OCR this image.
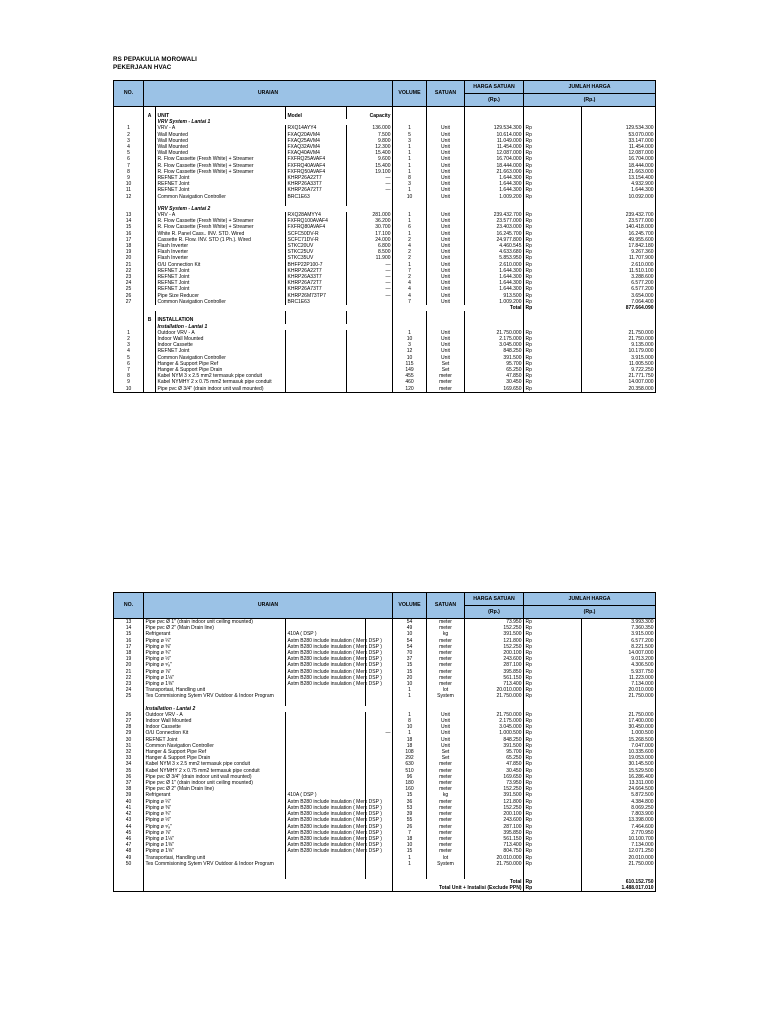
RS PEPAKULIA MOROWALI
PEKERJAAN HVAC
NO.	URAIAN				VOLUME	SATUAN	HARGA SATUAN	JUMLAH HARGA	
							(Rp.)	(Rp.)	

	A	UNIT	Model	Capacity					
		VRV System - Lantai 1							
1		VRV - A	RXQ14AYY4	136.000	1	Unit	129.534.300	Rp	129.534.300
2		Wall Mounted	FXAQ20AVM4	7.500	5	Unit	10.614.000	Rp	53.070.000
3		Wall Mounted	FXAQ25AVM4	9.800	3	Unit	11.049.000	Rp	33.147.000
4		Wall Mounted	FXAQ32AVM4	12.300	1	Unit	11.454.000	Rp	11.454.000
5		Wall Mounted	FXAQ40AVM4	15.400	1	Unit	12.087.000	Rp	12.087.000
6		R. Flow Cassette (Fresh White) + Streamer	FXFRQ25AVAF4	9.600	1	Unit	16.704.000	Rp	16.704.000
7		R. Flow Cassette (Fresh White) + Streamer	FXFRQ40AVAF4	15.400	1	Unit	18.444.000	Rp	18.444.000
8		R. Flow Cassette (Fresh White) + Streamer	FXFRQ50AVAF4	19.100	1	Unit	21.663.000	Rp	21.663.000
9		REFNET Joint	KHRP26A22T7	—	8	Unit	1.644.300	Rp	13.154.400
10		REFNET Joint	KHRP26A33T7	—	3	Unit	1.644.300	Rp	4.932.900
11		REFNET Joint	KHRP26A72T7	—	1	Unit	1.644.300	Rp	1.644.300
12		Common Navigation Controller	BRC1E63		10	Unit	1.009.200	Rp	10.092.000

		VRV System - Lantai 2							
13		VRV - A	RXQ28AMYY4	281.000	1	Unit	239.432.700	Rp	239.432.700
14		R. Flow Cassette (Fresh White) + Streamer	FXFRQ100AVAF4	36.200	1	Unit	23.577.000	Rp	23.577.000
15		R. Flow Cassette (Fresh White) + Streamer	FXFRQ80AVAF4	30.700	6	Unit	23.403.000	Rp	140.418.000
16		White R. Panel Cass.. INV. STD. Wired	SCFC50DV-R	17.100	1	Unit	16.245.700	Rp	16.245.700
17		Cassette R. Flow. INV. STD (1 Ph.). Wired	SCFC71DV-R	24.000	2	Unit	24.977.800	Rp	49.955.600
18		Flash Inverter	STKC20UV	6.800	4	Unit	4.460.545	Rp	17.842.180
19		Flash Inverter	STKC25UV	8.500	2	Unit	4.633.680	Rp	9.267.360
20		Flash Inverter	STKC35UV	11.900	2	Unit	5.853.950	Rp	11.707.900
21		O/U Connection Kit	BHFP22P100-7	—	1	Unit	2.610.000	Rp	2.610.000
22		REFNET Joint	KHRP26A22T7	—	7	Unit	1.644.300	Rp	11.510.100
23		REFNET Joint	KHRP26A33T7	—	2	Unit	1.644.300	Rp	3.288.600
24		REFNET Joint	KHRP26A72T7	—	4	Unit	1.644.300	Rp	6.577.200
25		REFNET Joint	KHRP26A73T7	—	4	Unit	1.644.300	Rp	6.577.200
26		Pipe Size Reducer	KHRP26M73TP7	—	4	Unit	913.500	Rp	3.654.000
27		Common Navigation Controller	BRC1E63		7	Unit	1.009.200	Rp	7.064.400
					Total			Rp	877.664.090

	B	INSTALLATION							
		Installation - Lantai 1							
1		Outdoor VRV - A			1	Unit	21.750.000	Rp	21.750.000
2		Indoor Wall Mounted			10	Unit	2.175.000	Rp	21.750.000
3		Indoor Cassette			3	Unit	3.045.000	Rp	9.135.000
4		REFNET Joint			12	Unit	848.250	Rp	10.179.000
5		Common Navigation Controller			10	Unit	391.500	Rp	3.915.000
6		Hanger & Support Pipe Ref			115	Set	95.700	Rp	11.005.500
7		Hanger & Support Pipe Drain			149	Set	65.250	Rp	9.722.250
8		Kabel NYM 3 x 2.5 mm2 termasuk pipe conduit			455	meter	47.850	Rp	21.771.750
9		Kabel NYMHY 2 x 0.75 mm2 termasuk pipe conduit			460	meter	30.450	Rp	14.007.000
10		Pipe pvc Ø 3/4" (drain indoor unit wall mounted)			120	meter	169.650	Rp	20.358.000
NO.	URAIAN			VOLUME	SATUAN	HARGA SATUAN	JUMLAH HARGA	
						(Rp.)	(Rp.)	
13		Pipe pvc Ø 1" (drain indoor unit ceiling mounted)			54	meter	73.950	Rp	3.993.300
14		Pipe pvc Ø 2" (Main Drain line)			49	meter	152.250	Rp	7.360.350
15		Refrigerant	410A ( DSP )		10	kg	391.500	Rp	3.915.000
16		Piping ø ¼"	Astm B280 include insulation ( Merk DSP )		54	meter	121.800	Rp	6.577.200
17		Piping ø ⅜"	Astm B280 include insulation ( Merk DSP )		54	meter	152.250	Rp	8.221.500
18		Piping ø ¾"	Astm B280 include insulation ( Merk DSP )		70	meter	200.100	Rp	14.007.000
19		Piping ø ½"	Astm B280 include insulation ( Merk DSP )		37	meter	243.600	Rp	9.013.200
20		Piping ø ⁵⁄₈"	Astm B280 include insulation ( Merk DSP )		15	meter	287.100	Rp	4.306.500
21		Piping ø ⅞"	Astm B280 include insulation ( Merk DSP )		15	meter	395.850	Rp	5.937.750
22		Piping ø 1⅛"	Astm B280 include insulation ( Merk DSP )		20	meter	561.150	Rp	11.223.000
23		Piping ø 1⅜"	Astm B280 include insulation ( Merk DSP )		10	meter	713.400	Rp	7.134.000
24		Transportasi, Handling unit			1	lot	20.010.000	Rp	20.010.000
25		Tes Commisioning Sytem VRV Outdoor & Indoor Program			1	System	21.750.000	Rp	21.750.000

		Installation - Lantai 2							
26		Outdoor VRV - A			1	Unit	21.750.000	Rp	21.750.000
27		Indoor Wall Mounted			8	Unit	2.175.000	Rp	17.400.000
28		Indoor Cassette			10	Unit	3.045.000	Rp	30.450.000
29		O/U Connection Kit		—	1	Unit	1.000.500	Rp	1.000.500
30		REFNET Joint			18	Unit	848.250	Rp	15.268.500
31		Common Navigation Controller			18	Unit	391.500	Rp	7.047.000
32		Hanger & Support Pipe Ref			108	Set	95.700	Rp	10.335.600
33		Hanger & Support Pipe Drain			292	Set	65.250	Rp	19.053.000
34		Kabel NYM 3 x 2.5 mm2 termasuk pipe conduit			630	meter	47.850	Rp	30.145.500
35		Kabel NYMHY 2 x 0.75 mm2 termasuk pipe conduit			510	meter	30.450	Rp	15.529.500
36		Pipe pvc Ø 3/4" (drain indoor unit wall mounted)			96	meter	169.650	Rp	16.286.400
37		Pipe pvc Ø 1" (drain indoor unit ceiling mounted)			180	meter	73.950	Rp	13.311.000
38		Pipe pvc Ø 2" (Main Drain line)			160	meter	152.250	Rp	24.664.500
39		Refrigerant	410A ( DSP )		15	kg	391.500	Rp	5.872.500
40		Piping ø ¼"	Astm B280 include insulation ( Merk DSP )		36	meter	121.800	Rp	4.384.800
41		Piping ø ⅜"	Astm B280 include insulation ( Merk DSP )		53	meter	152.250	Rp	8.069.250
42		Piping ø ¾"	Astm B280 include insulation ( Merk DSP )		39	meter	200.100	Rp	7.803.900
43		Piping ø ½"	Astm B280 include insulation ( Merk DSP )		55	meter	243.600	Rp	13.398.000
44		Piping ø ⁵⁄₈"	Astm B280 include insulation ( Merk DSP )		26	meter	287.100	Rp	7.464.600
45		Piping ø ⅞"	Astm B280 include insulation ( Merk DSP )		7	meter	395.850	Rp	2.770.950
46		Piping ø 1⅛"	Astm B280 include insulation ( Merk DSP )		18	meter	561.150	Rp	10.100.700
47		Piping ø 1⅜"	Astm B280 include insulation ( Merk DSP )		10	meter	713.400	Rp	7.134.000
48		Piping ø 1⅝"	Astm B280 include insulation ( Merk DSP )		15	meter	804.750	Rp	12.071.250
49		Transportasi, Handling unit			1	lot	20.010.000	Rp	20.010.000
50		Tes Commisioning Sytem VRV Outdoor & Indoor Program			1	System	21.750.000	Rp	21.750.000

				Total			Rp	610.152.750
				Total Unit + Instalisi (Exclude PPN)			Rp	1.488.017.010
